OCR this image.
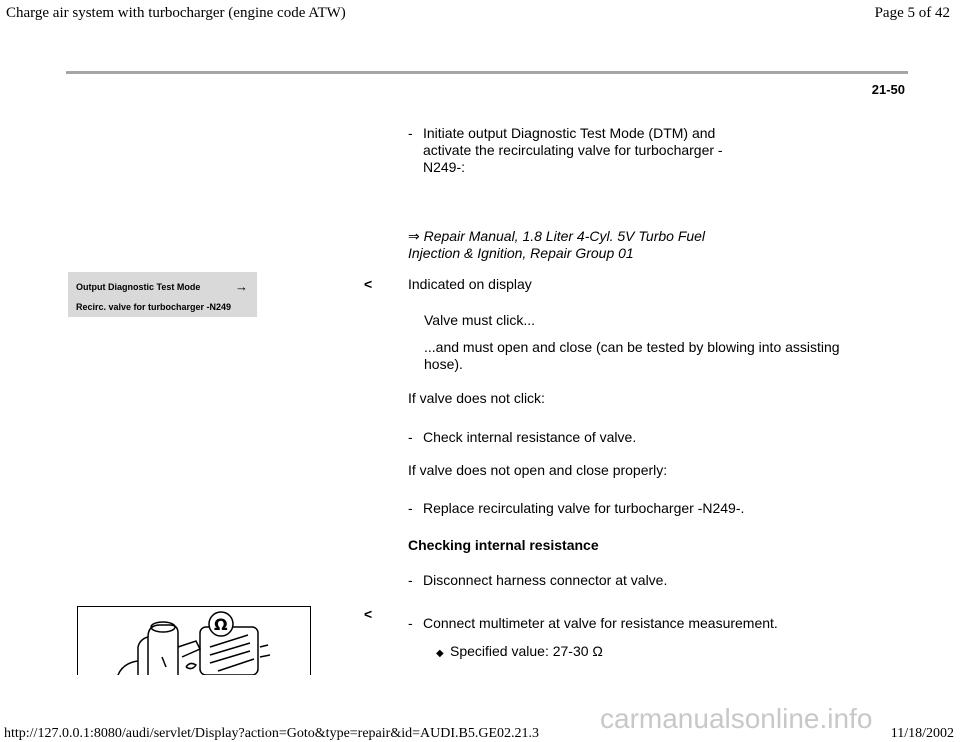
Charge air system with turbocharger (engine code ATW)	Page 5 of 42
21-50
- Initiate output Diagnostic Test Mode (DTM) and
activate the recirculating valve for turbocharger -
N249-:
⇒ Repair Manual, 1.8 Liter 4-Cyl. 5V Turbo Fuel
Injection & Ignition, Repair Group 01
Output Diagnostic Test Mode	→
Recirc. valve for turbocharger -N249
<	Indicated on display
Valve must click...
...and must open and close (can be tested by blowing into assisting
hose).
If valve does not click:
- Check internal resistance of valve.
If valve does not open and close properly:
- Replace recirculating valve for turbocharger -N249-.
Checking internal resistance
- Disconnect harness connector at valve.
Ω
<
- Connect multimeter at valve for resistance measurement.
◆ Specified value: 27-30 Ω
carmanualsonline.info
http://127.0.0.1:8080/audi/servlet/Display?action=Goto&type=repair&id=AUDI.B5.GE02.21.3	11/18/2002
